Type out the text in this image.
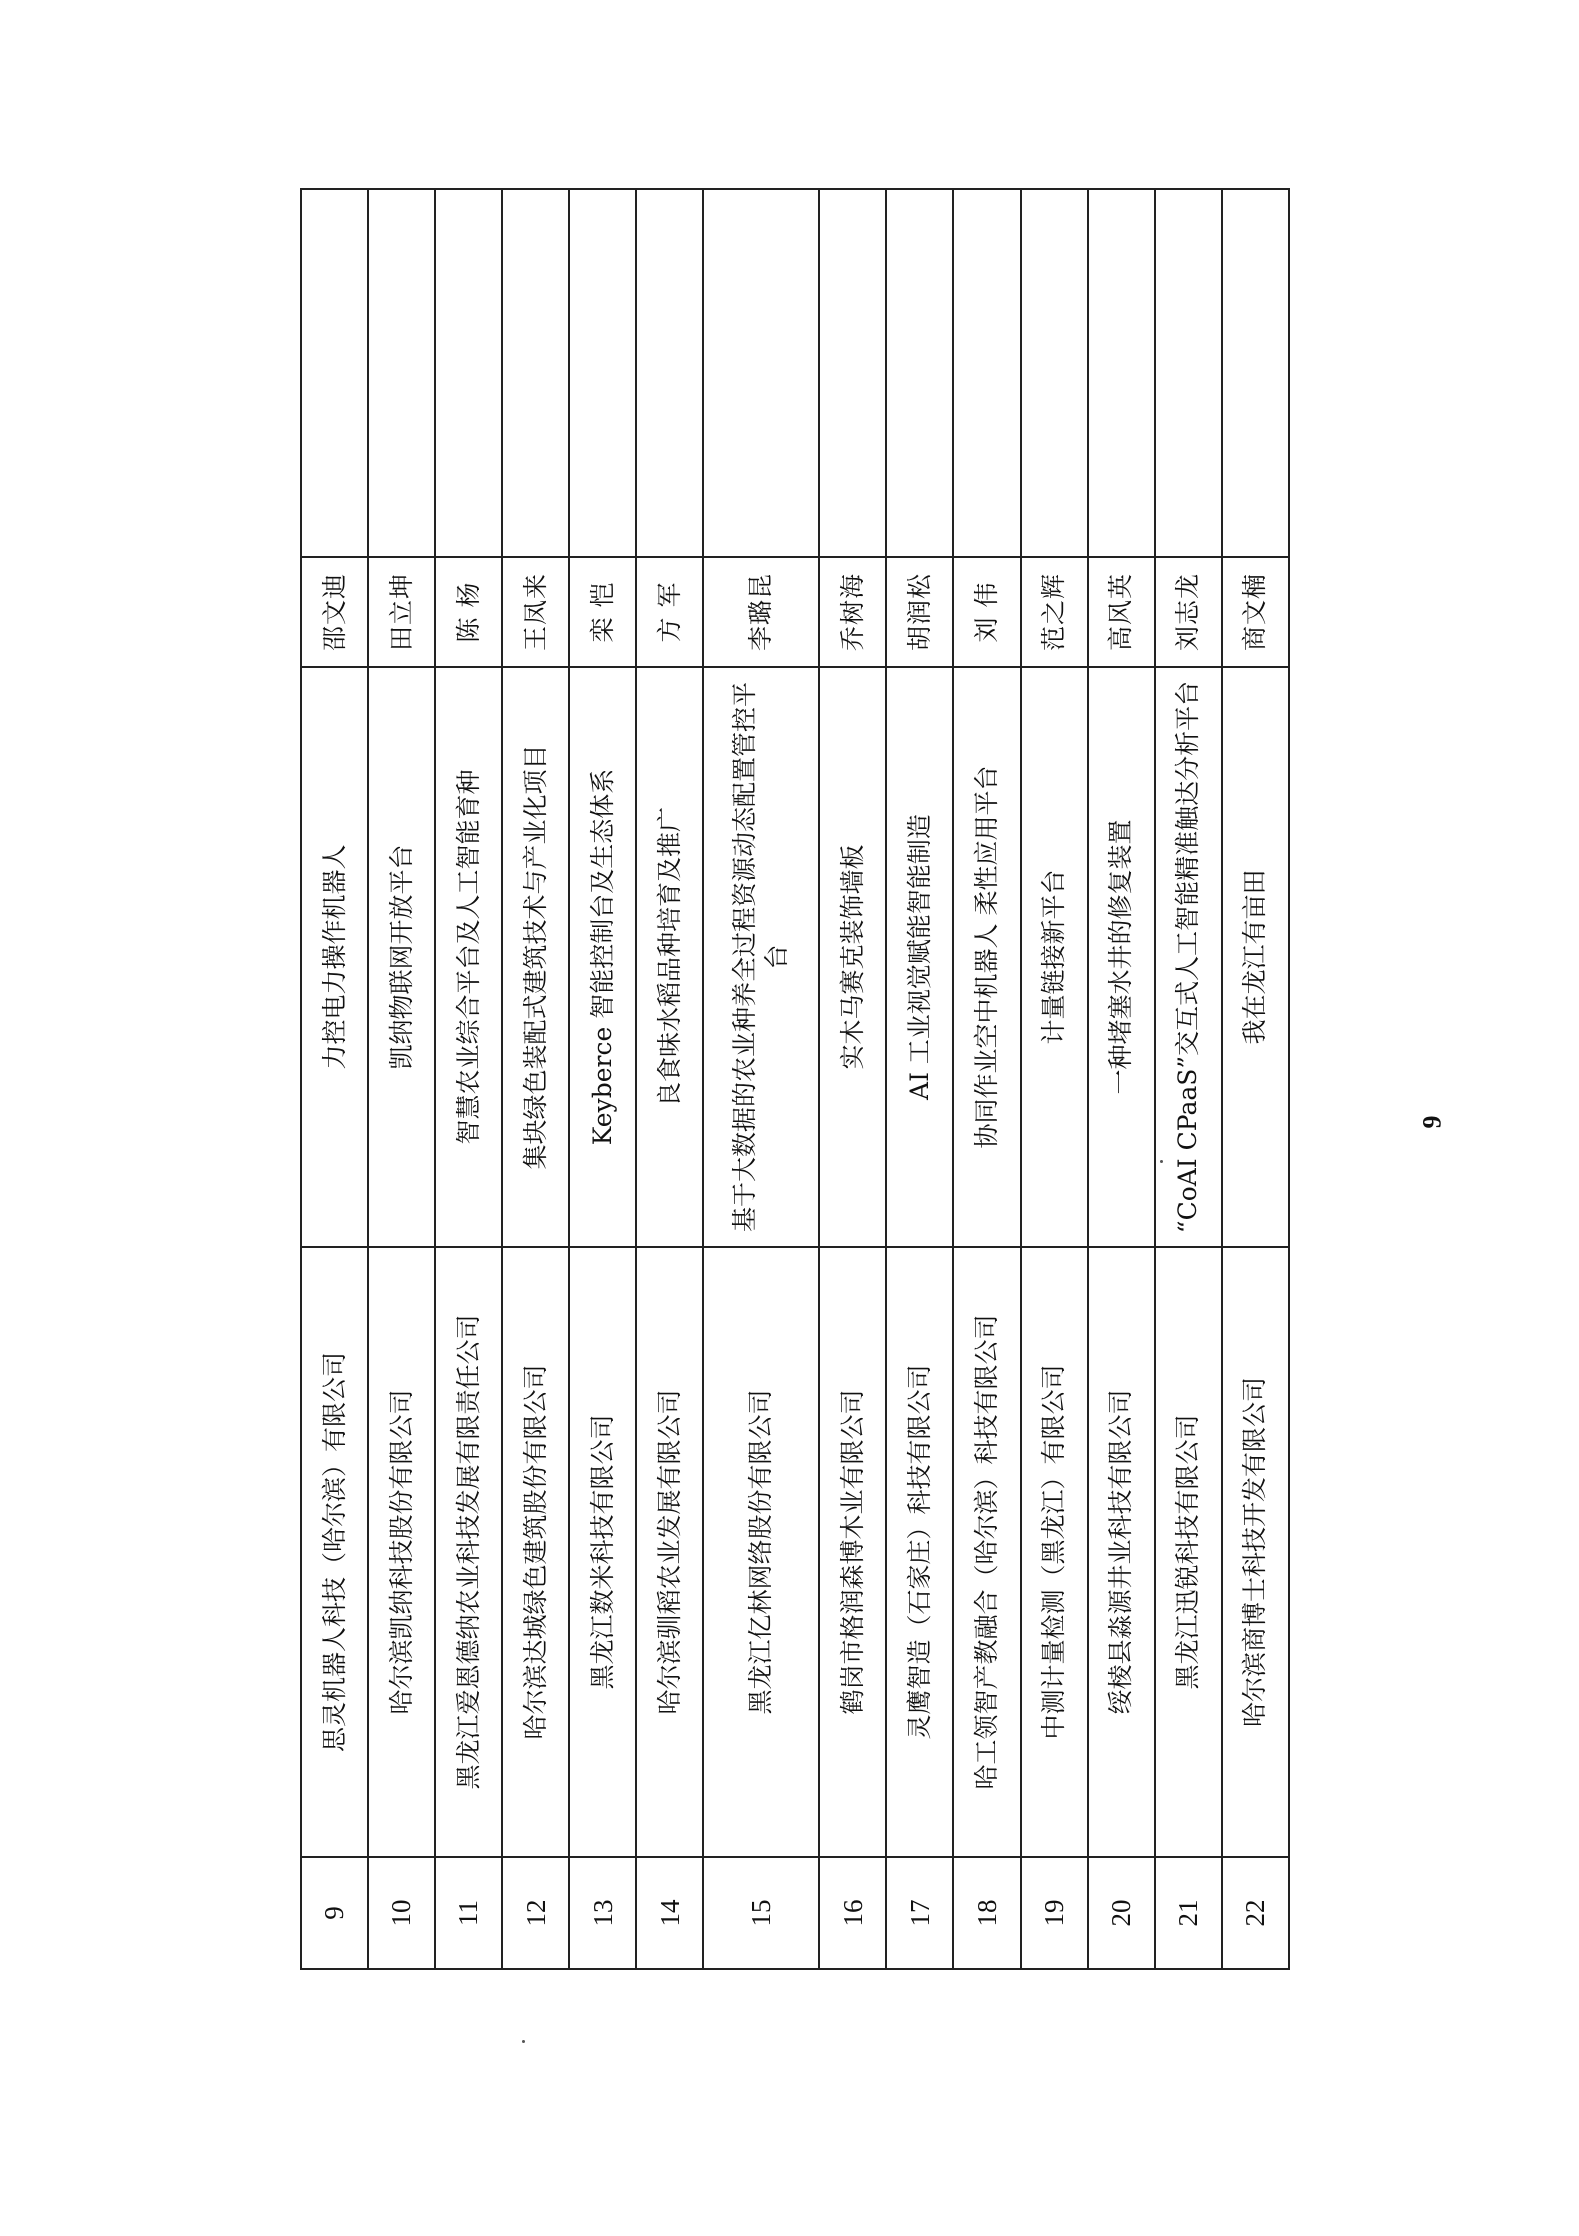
9	思灵机器人科技（哈尔滨）有限公司	力控电力操作机器人	邵文迪	
10	哈尔滨凯纳科技股份有限公司	凯纳物联网开放平台	田立坤	
11	黑龙江爱恩德纳农业科技发展有限责任公司	智慧农业综合平台及人工智能育种	陈 杨	
12	哈尔滨达城绿色建筑股份有限公司	集块绿色装配式建筑技术与产业化项目	王凤来	
13	黑龙江数米科技有限公司	Keyberce 智能控制台及生态体系	栾 恺	
14	哈尔滨驯稻农业发展有限公司	良食味水稻品种培育及推广	方 军	
15	黑龙江亿林网络股份有限公司	基于大数据的农业种养全过程资源动态配置管控平台	李璐昆	
16	鹤岗市格润森博木业有限公司	实木马赛克装饰墙板	乔树海	
17	灵鹰智造（石家庄）科技有限公司	AI 工业视觉赋能智能制造	胡润松	
18	哈工领智产教融合（哈尔滨）科技有限公司	协同作业空中机器人 柔性应用平台	刘 伟	
19	中测计量检测（黑龙江）有限公司	计量链接新平台	范之辉	
20	绥棱县淼源井业科技有限公司	一种堵塞水井的修复装置	高风英	
21	黑龙江迅锐科技有限公司	“CoAI CPaaS”交互式人工智能精准触达分析平台	刘志龙	
22	哈尔滨商博士科技开发有限公司	我在龙江有亩田	商文楠	
9
